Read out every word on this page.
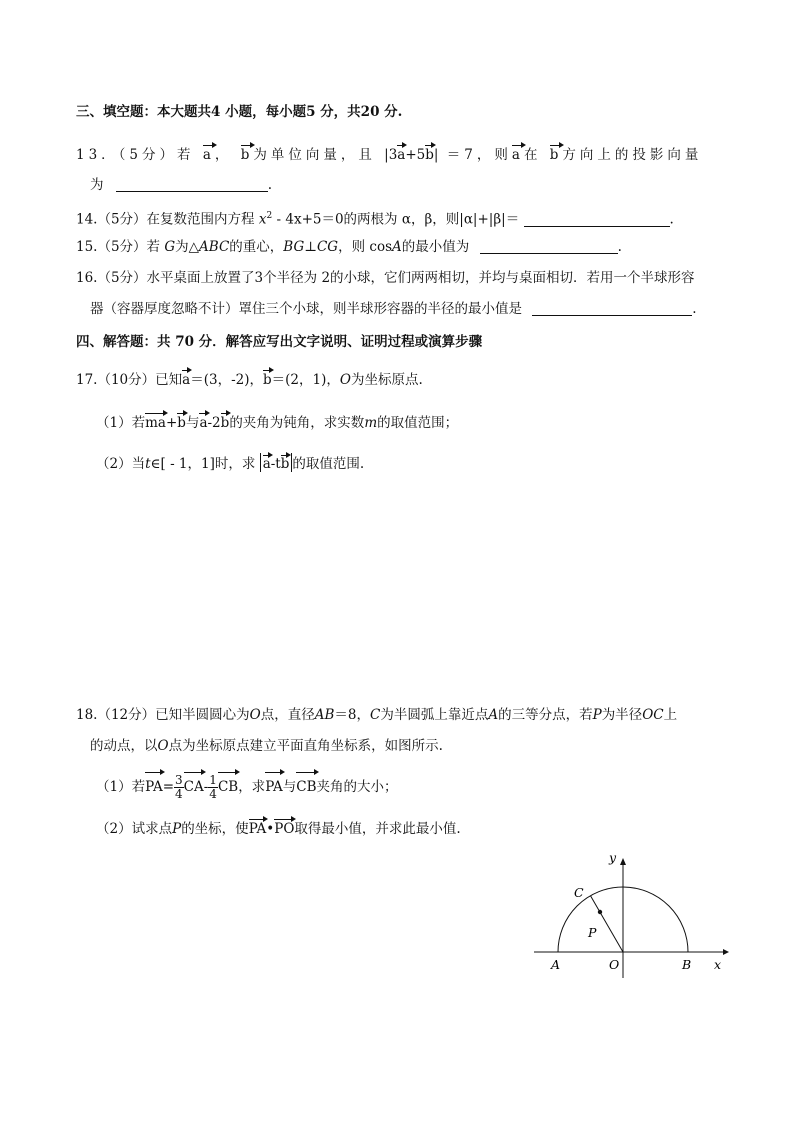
三、填空题：本大题共4 小题，每小题5 分，共20 分.
13．（5分）若 a， b为单位向量，且 |3a+5b| ＝7，则a在 b方向上的投影向量
为	.
14.（5分）在复数范围内方程 $x^2 - 4x+5=0$的两根为 α，β，则|α|+|β|＝	.
15.（5分）若 G为△ABC的重心，BG⊥CG，则 cosA的最小值为	.
16.（5分）水平桌面上放置了3个半径为 2的小球，它们两两相切，并均与桌面相切．若用一个半球形容
器（容器厚度忽略不计）罩住三个小球，则半球形容器的半径的最小值是	.
四、解答题：共 70 分．解答应写出文字说明、证明过程或演算步骤
17.（10分）已知a＝(3，-2)，b＝(2，1)，O为坐标原点.
（1）若ma+b与a-2b的夹角为钝角，求实数m的取值范围；
（2）当t∈[ - 1，1]时，求 a-tb 的取值范围.
18.（12分）已知半圆圆心为O点，直径AB＝8，C为半圆弧上靠近点A的三等分点，若P为半径OC上
的动点，以O点为坐标原点建立平面直角坐标系，如图所示.
（1）若$PA= \frac{3}{4} CA- \frac{1}{4}$ CB，求PA与CB夹角的大小；
（2）试求点P的坐标，使PA•PO取得最小值，并求此最小值.
y
x
C
P
A	O	B
